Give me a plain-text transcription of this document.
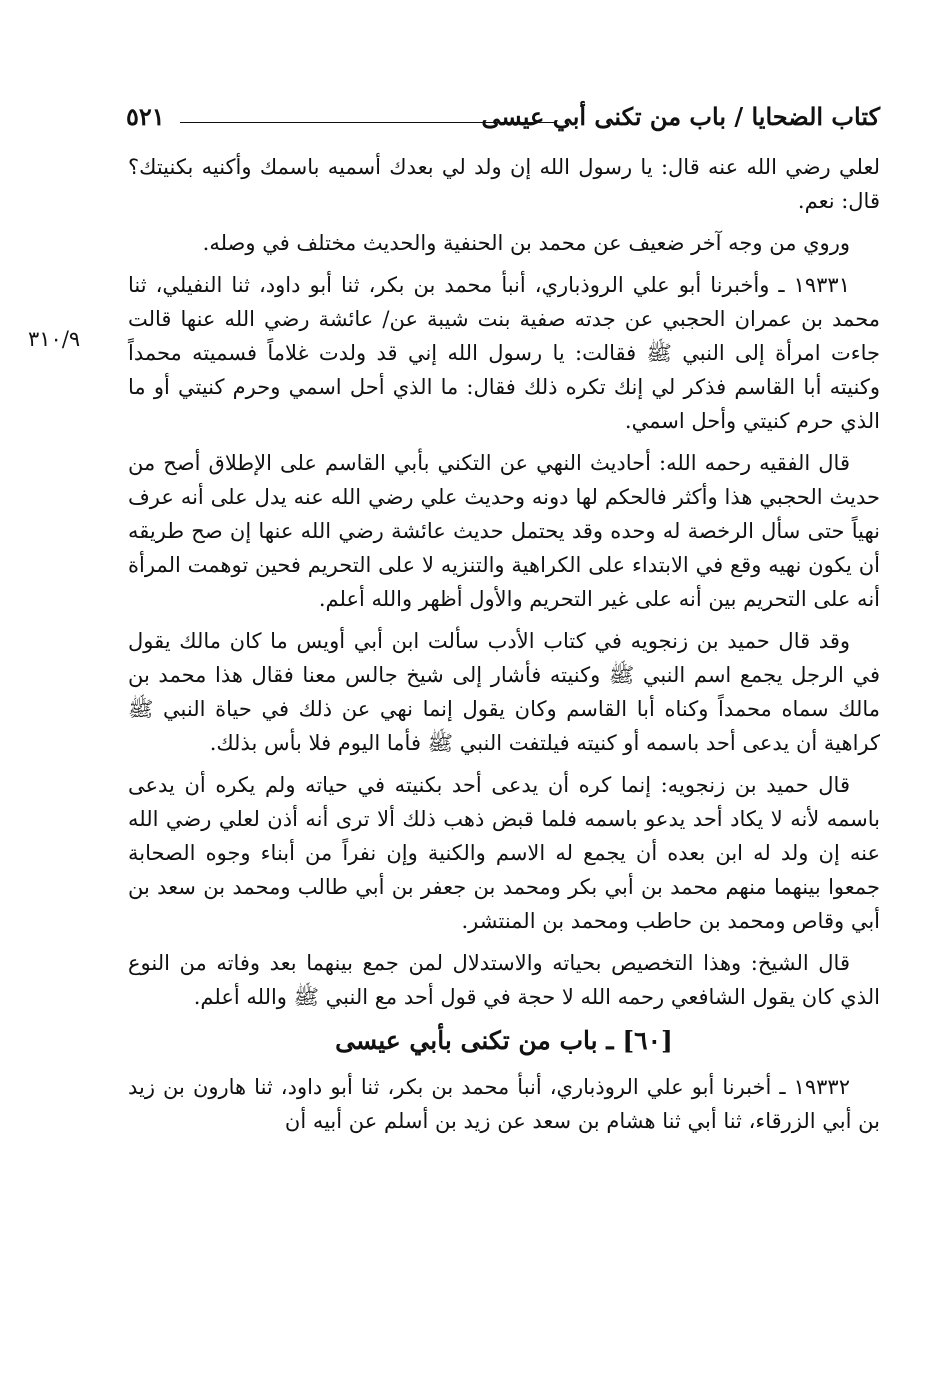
كتاب الضحايا / باب من تكنى أبي عيسى
٥٢١
٣١٠/٩

لعلي رضي الله عنه قال: يا رسول الله إن ولد لي بعدك أسميه باسمك وأكنيه بكنيتك؟ قال: نعم.

وروي من وجه آخر ضعيف عن محمد بن الحنفية والحديث مختلف في وصله.

١٩٣٣١ ـ وأخبرنا أبو علي الروذباري، أنبأ محمد بن بكر، ثنا أبو داود، ثنا النفيلي، ثنا محمد بن عمران الحجبي عن جدته صفية بنت شيبة عن/ عائشة رضي الله عنها قالت جاءت امرأة إلى النبي ﷺ فقالت: يا رسول الله إني قد ولدت غلاماً فسميته محمداً وكنيته أبا القاسم فذكر لي إنك تكره ذلك فقال: ما الذي أحل اسمي وحرم كنيتي أو ما الذي حرم كنيتي وأحل اسمي.

قال الفقيه رحمه الله: أحاديث النهي عن التكني بأبي القاسم على الإطلاق أصح من حديث الحجبي هذا وأكثر فالحكم لها دونه وحديث علي رضي الله عنه يدل على أنه عرف نهياً حتى سأل الرخصة له وحده وقد يحتمل حديث عائشة رضي الله عنها إن صح طريقه أن يكون نهيه وقع في الابتداء على الكراهية والتنزيه لا على التحريم فحين توهمت المرأة أنه على التحريم بين أنه على غير التحريم والأول أظهر والله أعلم.

وقد قال حميد بن زنجويه في كتاب الأدب سألت ابن أبي أويس ما كان مالك يقول في الرجل يجمع اسم النبي ﷺ وكنيته فأشار إلى شيخ جالس معنا فقال هذا محمد بن مالك سماه محمداً وكناه أبا القاسم وكان يقول إنما نهي عن ذلك في حياة النبي ﷺ كراهية أن يدعى أحد باسمه أو كنيته فيلتفت النبي ﷺ فأما اليوم فلا بأس بذلك.

قال حميد بن زنجويه: إنما كره أن يدعى أحد بكنيته في حياته ولم يكره أن يدعى باسمه لأنه لا يكاد أحد يدعو باسمه فلما قبض ذهب ذلك ألا ترى أنه أذن لعلي رضي الله عنه إن ولد له ابن بعده أن يجمع له الاسم والكنية وإن نفراً من أبناء وجوه الصحابة جمعوا بينهما منهم محمد بن أبي بكر ومحمد بن جعفر بن أبي طالب ومحمد بن سعد بن أبي وقاص ومحمد بن حاطب ومحمد بن المنتشر.

قال الشيخ: وهذا التخصيص بحياته والاستدلال لمن جمع بينهما بعد وفاته من النوع الذي كان يقول الشافعي رحمه الله لا حجة في قول أحد مع النبي ﷺ والله أعلم.

[٦٠] ـ باب من تكنى بأبي عيسى

١٩٣٣٢ ـ أخبرنا أبو علي الروذباري، أنبأ محمد بن بكر، ثنا أبو داود، ثنا هارون بن زيد بن أبي الزرقاء، ثنا أبي ثنا هشام بن سعد عن زيد بن أسلم عن أبيه أن
